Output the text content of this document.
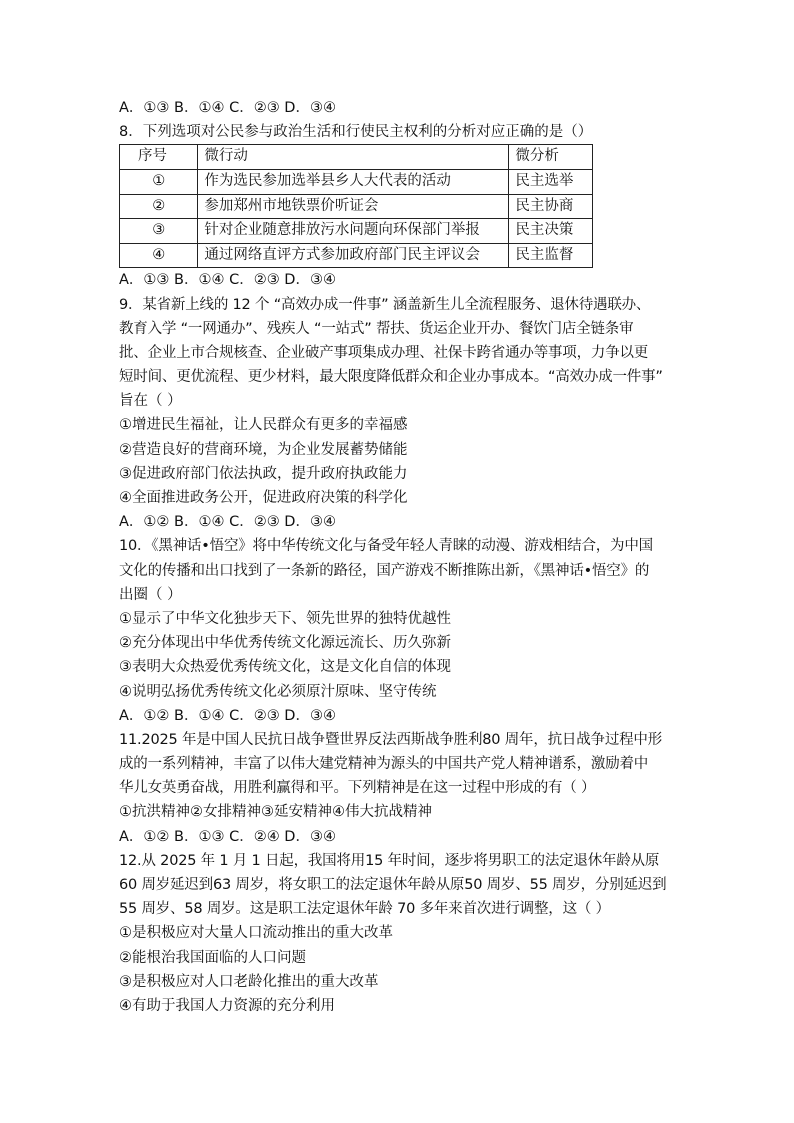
A．①③ B．①④ C．②③ D．③④
8．下列选项对公民参与政治生活和行使民主权利的分析对应正确的是（）
序号	微行动	微分析
①	作为选民参加选举县乡人大代表的活动	民主选举
②	参加郑州市地铁票价听证会	民主协商
③	针对企业随意排放污水问题向环保部门举报	民主决策
④	通过网络直评方式参加政府部门民主评议会	民主监督
A．①③ B．①④ C．②③ D．③④
9．某省新上线的 12 个 “高效办成一件事” 涵盖新生儿全流程服务、退休待遇联办、
教育入学 “一网通办”、残疾人 “一站式” 帮扶、货运企业开办、餐饮门店全链条审
批、企业上市合规核查、企业破产事项集成办理、社保卡跨省通办等事项，力争以更
短时间、更优流程、更少材料，最大限度降低群众和企业办事成本。“高效办成一件事”
旨在（ ）
①增进民生福祉，让人民群众有更多的幸福感
②营造良好的营商环境，为企业发展蓄势储能
③促进政府部门依法执政，提升政府执政能力
④全面推进政务公开，促进政府决策的科学化
A．①② B．①④ C．②③ D．③④
10．《黑神话•悟空》将中华传统文化与备受年轻人青睐的动漫、游戏相结合，为中国
文化的传播和出口找到了一条新的路径，国产游戏不断推陈出新，《黑神话•悟空》的
出圈（ ）
①显示了中华文化独步天下、领先世界的独特优越性
②充分体现出中华优秀传统文化源远流长、历久弥新
③表明大众热爱优秀传统文化，这是文化自信的体现
④说明弘扬优秀传统文化必须原汁原味、坚守传统
A．①② B．①④ C．②③ D．③④
11.2025 年是中国人民抗日战争暨世界反法西斯战争胜利80 周年，抗日战争过程中形
成的一系列精神，丰富了以伟大建党精神为源头的中国共产党人精神谱系，激励着中
华儿女英勇奋战，用胜利赢得和平。下列精神是在这一过程中形成的有（ ）
①抗洪精神②女排精神③延安精神④伟大抗战精神
A．①② B．①③ C．②④ D．③④
12.从 2025 年 1 月 1 日起，我国将用15 年时间，逐步将男职工的法定退休年龄从原
60 周岁延迟到63 周岁，将女职工的法定退休年龄从原50 周岁、55 周岁，分别延迟到
55 周岁、58 周岁。这是职工法定退休年龄 70 多年来首次进行调整，这（ ）
①是积极应对大量人口流动推出的重大改革
②能根治我国面临的人口问题
③是积极应对人口老龄化推出的重大改革
④有助于我国人力资源的充分利用
